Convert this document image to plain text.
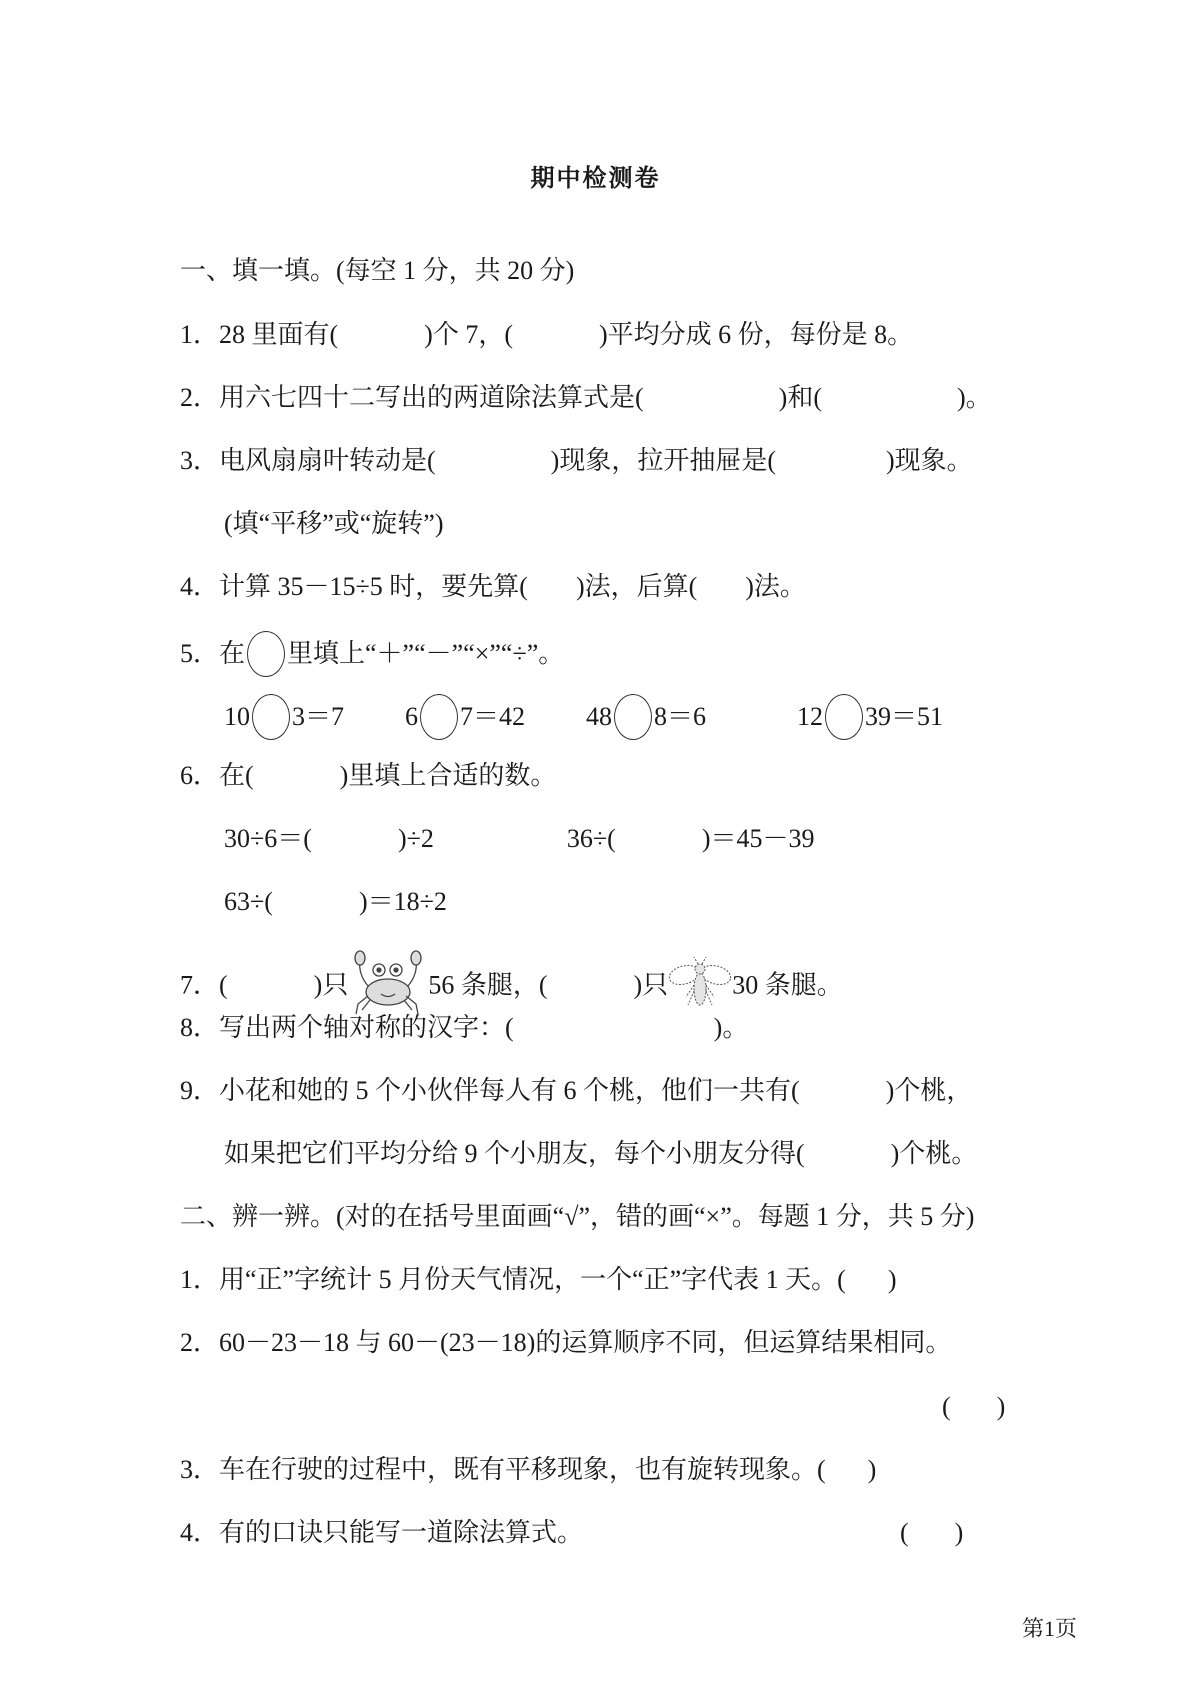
期中检测卷
一、填一填。(每空 1 分，共 20 分)
1．28 里面有(	)个 7，(	)平均分成 6 份，每份是 8。
2．用六七四十二写出的两道除法算式是(	)和(	)。
3．电风扇扇叶转动是(	)现象，拉开抽屉是(	)现象。
(填“平移”或“旋转”)
4．计算 35－15÷5 时，要先算( )法，后算( )法。
5．在 里填上“＋”“－”“×”“÷”。
10 3＝7 6 7＝42 48 8＝6	12 39＝51
6．在(	)里填上合适的数。
30÷6＝(	)÷2	36÷(	)＝45－39
63÷(	)＝18÷2
7．(	)只	56 条腿，(	)只 30 条腿。
8．写出两个轴对称的汉字：(	)。
9．小花和她的 5 个小伙伴每人有 6 个桃，他们一共有(	)个桃，
如果把它们平均分给 9 个小朋友，每个小朋友分得(	)个桃。
二、辨一辨。(对的在括号里面画“√”，错的画“×”。每题 1 分，共 5 分)
1．用“正”字统计 5 月份天气情况，一个“正”字代表 1 天。( )
2．60－23－18 与 60－(23－18)的运算顺序不同，但运算结果相同。
( )
3．车在行驶的过程中，既有平移现象，也有旋转现象。( )
4．有的口诀只能写一道除法算式。	( )
第1页
